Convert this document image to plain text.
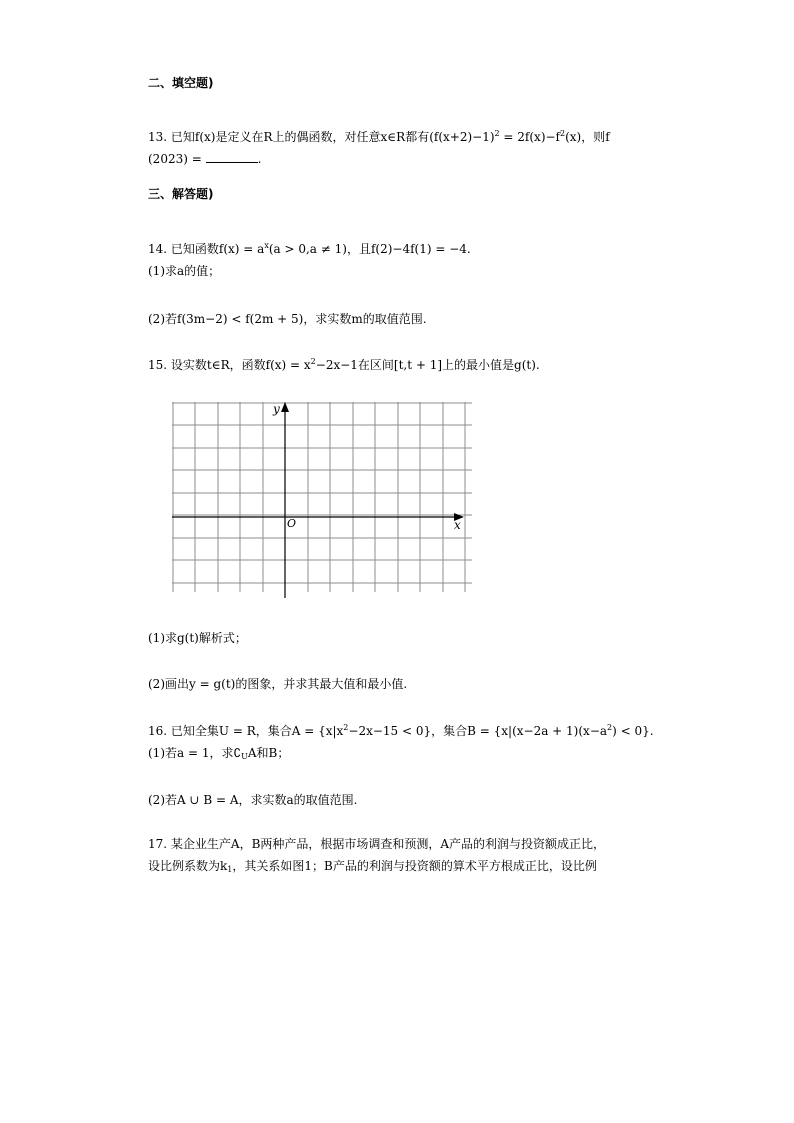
二、填空题)
13. 已知f(x)是定义在R上的偶函数，对任意x∈R都有$(f(x+2)-1)^2 = 2f(x)-f^2(x)$，则f
(2023) =	.
三、解答题)
14. 已知函数$f(x) = a^x(a > 0,a \ne 1)$，且f(2)−4f(1) = −4.
(1)求a的值；
(2)若f(3m−2) < f(2m + 5)，求实数m的取值范围.
15. 设实数t∈R，函数$f(x) = x^2-2x-1$在区间[t,t + 1]上的最小值是g(t).
y
x
O
(1)求g(t)解析式；
(2)画出y = g(t)的图象，并求其最大值和最小值.
16. 已知全集U = R，集合$A = \{x|x^2-2x-15 < 0\}$，集合$B = \{x|(x-2a + 1)(x-a^2) < 0\}$.
(1)若a = 1，求$∁_UA$和B；
(2)若A ∪ B = A，求实数a的取值范围.
17. 某企业生产A，B两种产品，根据市场调查和预测，A产品的利润与投资额成正比，
设比例系数为$k_1$，其关系如图1；B产品的利润与投资额的算术平方根成正比，设比例
